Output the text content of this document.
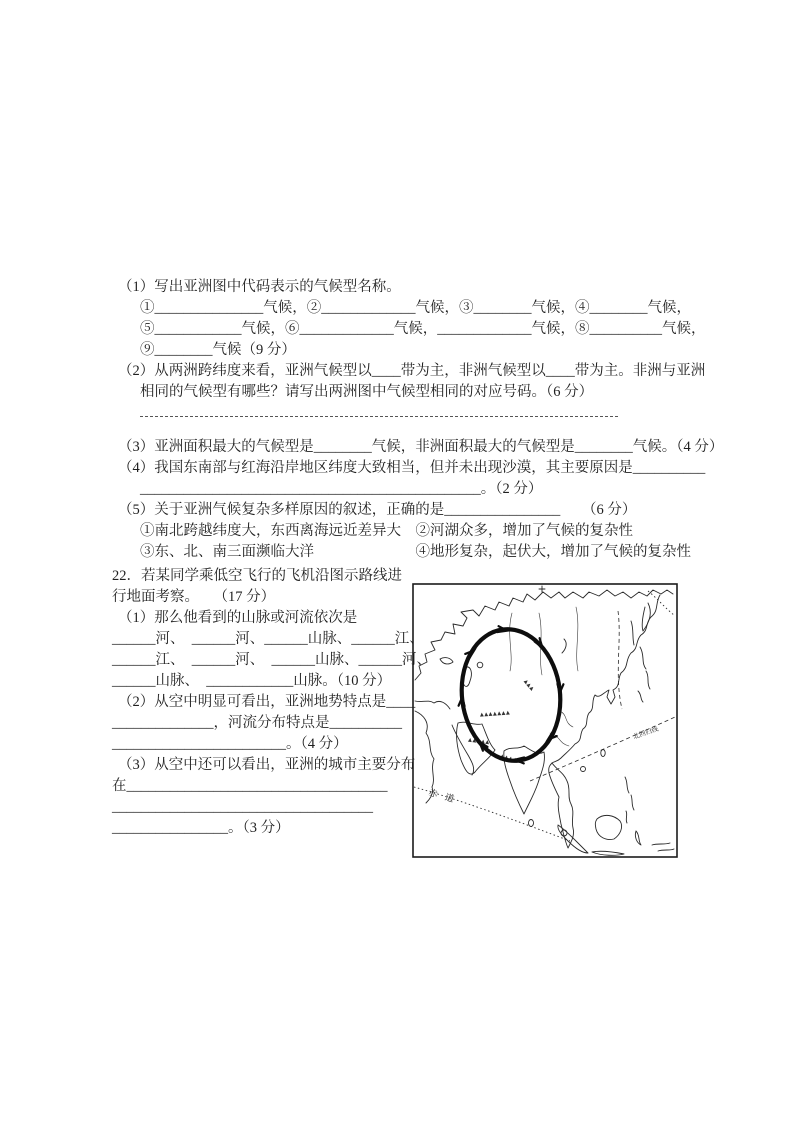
（1）写出亚洲图中代码表示的气候型名称。

①_______________气候，②_____________气候，③________气候，④________气候，

⑤____________气候，⑥_____________气候，_____________气候，⑧__________气候，

⑨________气候（9 分）

（2）从两洲跨纬度来看，亚洲气候型以____带为主，非洲气候型以____带为主。非洲与亚洲

相同的气候型有哪些？请写出两洲图中气候型相同的对应号码。（6 分）

（3）亚洲面积最大的气候型是________气候，非洲面积最大的气候型是________气候。（4 分）

（4）我国东南部与红海沿岸地区纬度大致相当，但并未出现沙漠，其主要原因是__________

_______________________________________________。（2 分）

（5）关于亚洲气候复杂多样原因的叙述，正确的是________________　　（6 分）

①南北跨越纬度大，东西离海远近差异大　②河湖众多，增加了气候的复杂性

③东、北、南三面濒临大洋　　　　　　　④地形复杂，起伏大，增加了气候的复杂性

22．若某同学乘低空飞行的飞机沿图示路线进

行地面考察。　　（17 分）

（1）那么他看到的山脉或河流依次是

______河、　______河、______山脉、______江、

______江、　______河、　______山脉、______河、

______山脉、　____________山脉。（10 分）

（2）从空中明显可看出，亚洲地势特点是____

______________，河流分布特点是__________

________________________。（4 分）

（3）从空中还可以看出，亚洲的城市主要分布

在____________________________________

____________________________________

________________。（3 分）

赤道
北回归线
▲▲▲▲▲▲▲
▲▲▲▲▲
▲▲▲▲▲
▲▲▲
